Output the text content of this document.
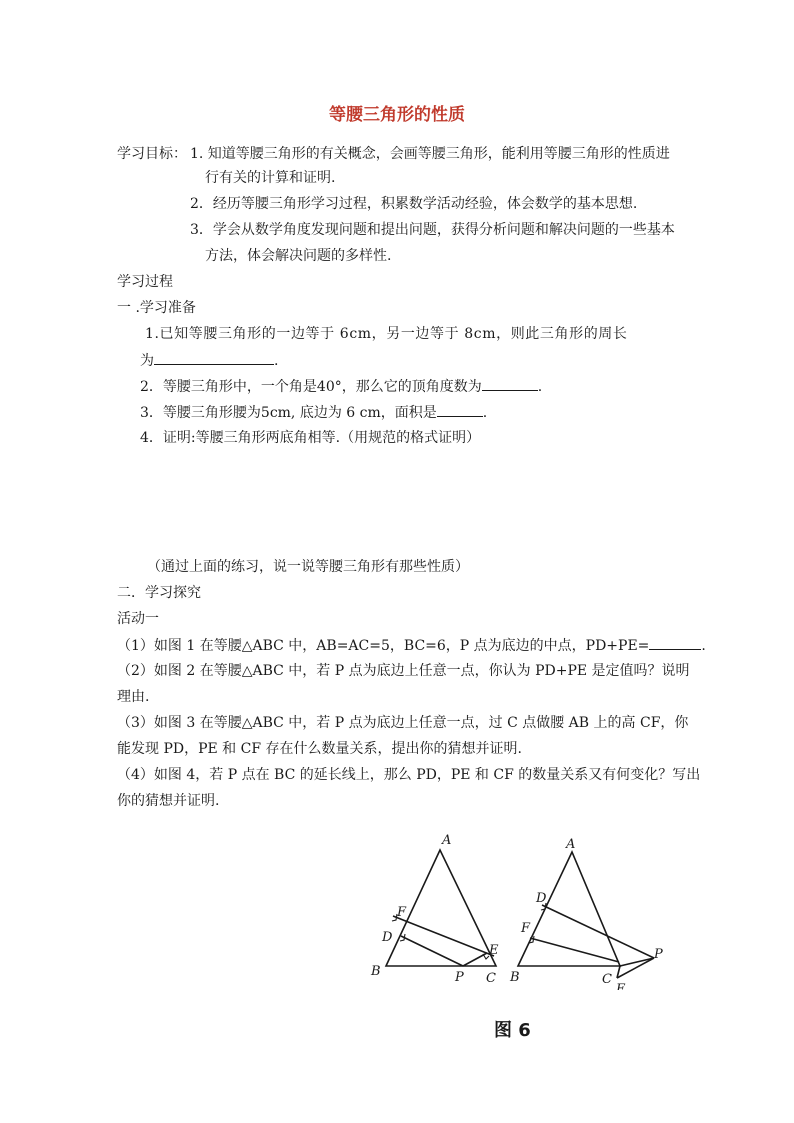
等腰三角形的性质
学习目标： 1. 知道等腰三角形的有关概念，会画等腰三角形，能利用等腰三角形的性质进
行有关的计算和证明.
2．经历等腰三角形学习过程，积累数学活动经验，体会数学的基本思想.
3．学会从数学角度发现问题和提出问题，获得分析问题和解决问题的一些基本
方法，体会解决问题的多样性.
学习过程
一 .学习准备
1.已知等腰三角形的一边等于 6cm，另一边等于 8cm，则此三角形的周长
为	.
2．等腰三角形中，一个角是40°，那么它的顶角度数为	.
3．等腰三角形腰为5cm, 底边为 6 cm，面积是	.
4．证明:等腰三角形两底角相等.（用规范的格式证明）
（通过上面的练习，说一说等腰三角形有那些性质）
二．学习探究
活动一
（1）如图 1 在等腰△ABC 中，AB=AC=5，BC=6，P 点为底边的中点，PD+PE=	.
（2）如图 2 在等腰△ABC 中，若 P 点为底边上任意一点，你认为 PD+PE 是定值吗？说明
理由.
（3）如图 3 在等腰△ABC 中，若 P 点为底边上任意一点，过 C 点做腰 AB 上的高 CF，你
能发现 PD，PE 和 CF 存在什么数量关系，提出你的猜想并证明.
（4）如图 4，若 P 点在 BC 的延长线上，那么 PD，PE 和 CF 的数量关系又有何变化？写出
你的猜想并证明.
A
F
D
E
B	P C
A
D
F
B	C
E
P
图 6
